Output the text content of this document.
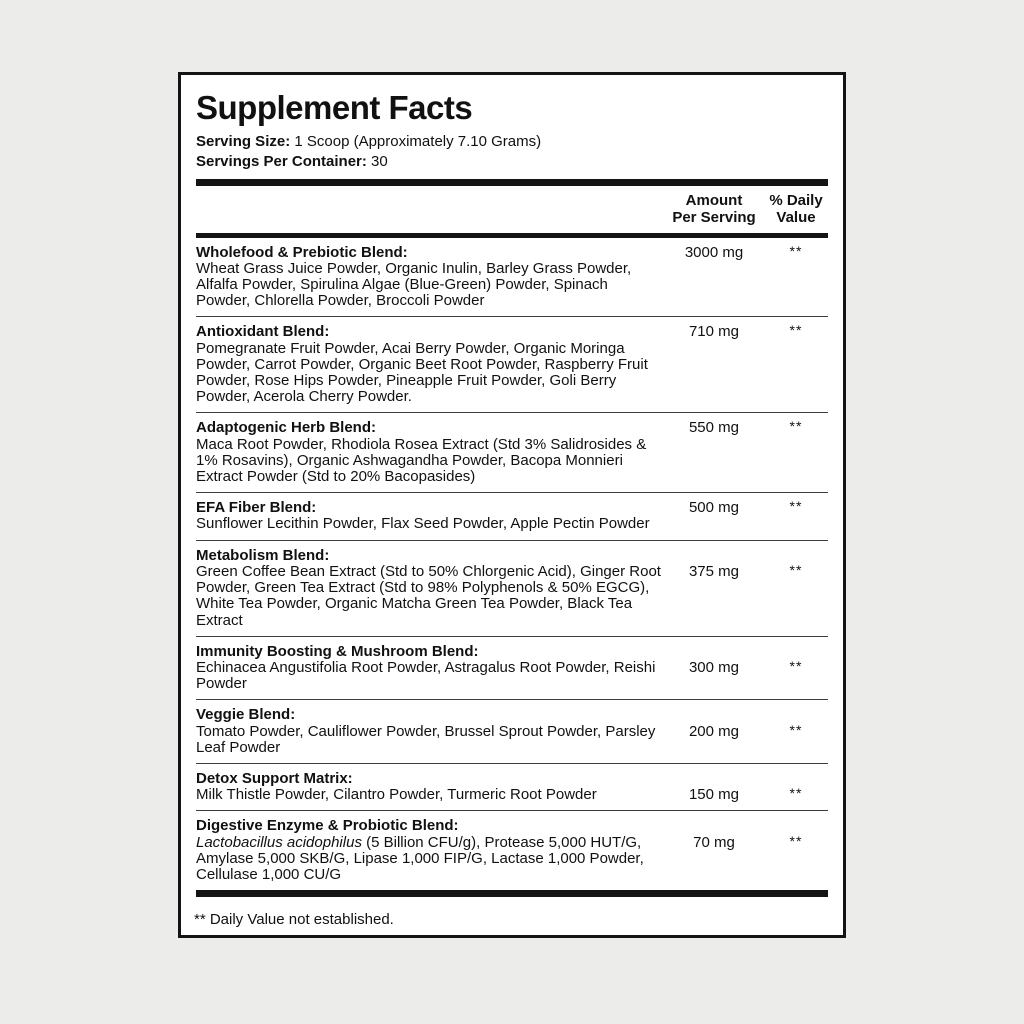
Supplement Facts
Serving Size: 1 Scoop (Approximately 7.10 Grams)
Servings Per Container: 30
Amount
Per Serving
% Daily
Value
Wholefood & Prebiotic Blend:
Wheat Grass Juice Powder, Organic Inulin, Barley Grass Powder, Alfalfa Powder, Spirulina Algae (Blue-Green) Powder, Spinach Powder, Chlorella Powder, Broccoli Powder
3000 mg	**
Antioxidant Blend:
Pomegranate Fruit Powder, Acai Berry Powder, Organic Moringa Powder, Carrot Powder, Organic Beet Root Powder, Raspberry Fruit Powder, Rose Hips Powder, Pineapple Fruit Powder, Goli Berry Powder, Acerola Cherry Powder.
710 mg	**
Adaptogenic Herb Blend:
Maca Root Powder, Rhodiola Rosea Extract (Std 3% Salidrosides & 1% Rosavins), Organic Ashwagandha Powder, Bacopa Monnieri Extract Powder (Std to 20% Bacopasides)
550 mg	**
EFA Fiber Blend:
Sunflower Lecithin Powder, Flax Seed Powder, Apple Pectin Powder
500 mg	**
Metabolism Blend:
Green Coffee Bean Extract (Std to 50% Chlorgenic Acid), Ginger Root Powder, Green Tea Extract (Std to 98% Polyphenols & 50% EGCG), White Tea Powder, Organic Matcha Green Tea Powder, Black Tea Extract
375 mg	**
Immunity Boosting & Mushroom Blend:
Echinacea Angustifolia Root Powder, Astragalus Root Powder, Reishi Powder
300 mg	**
Veggie Blend:
Tomato Powder, Cauliflower Powder, Brussel Sprout Powder, Parsley Leaf Powder
200 mg	**
Detox Support Matrix:
Milk Thistle Powder, Cilantro Powder, Turmeric Root Powder	150 mg	**
Digestive Enzyme & Probiotic Blend:
Lactobacillus acidophilus (5 Billion CFU/g), Protease 5,000 HUT/G, Amylase 5,000 SKB/G, Lipase 1,000 FIP/G, Lactase 1,000 Powder, Cellulase 1,000 CU/G
70 mg	**
** Daily Value not established.
